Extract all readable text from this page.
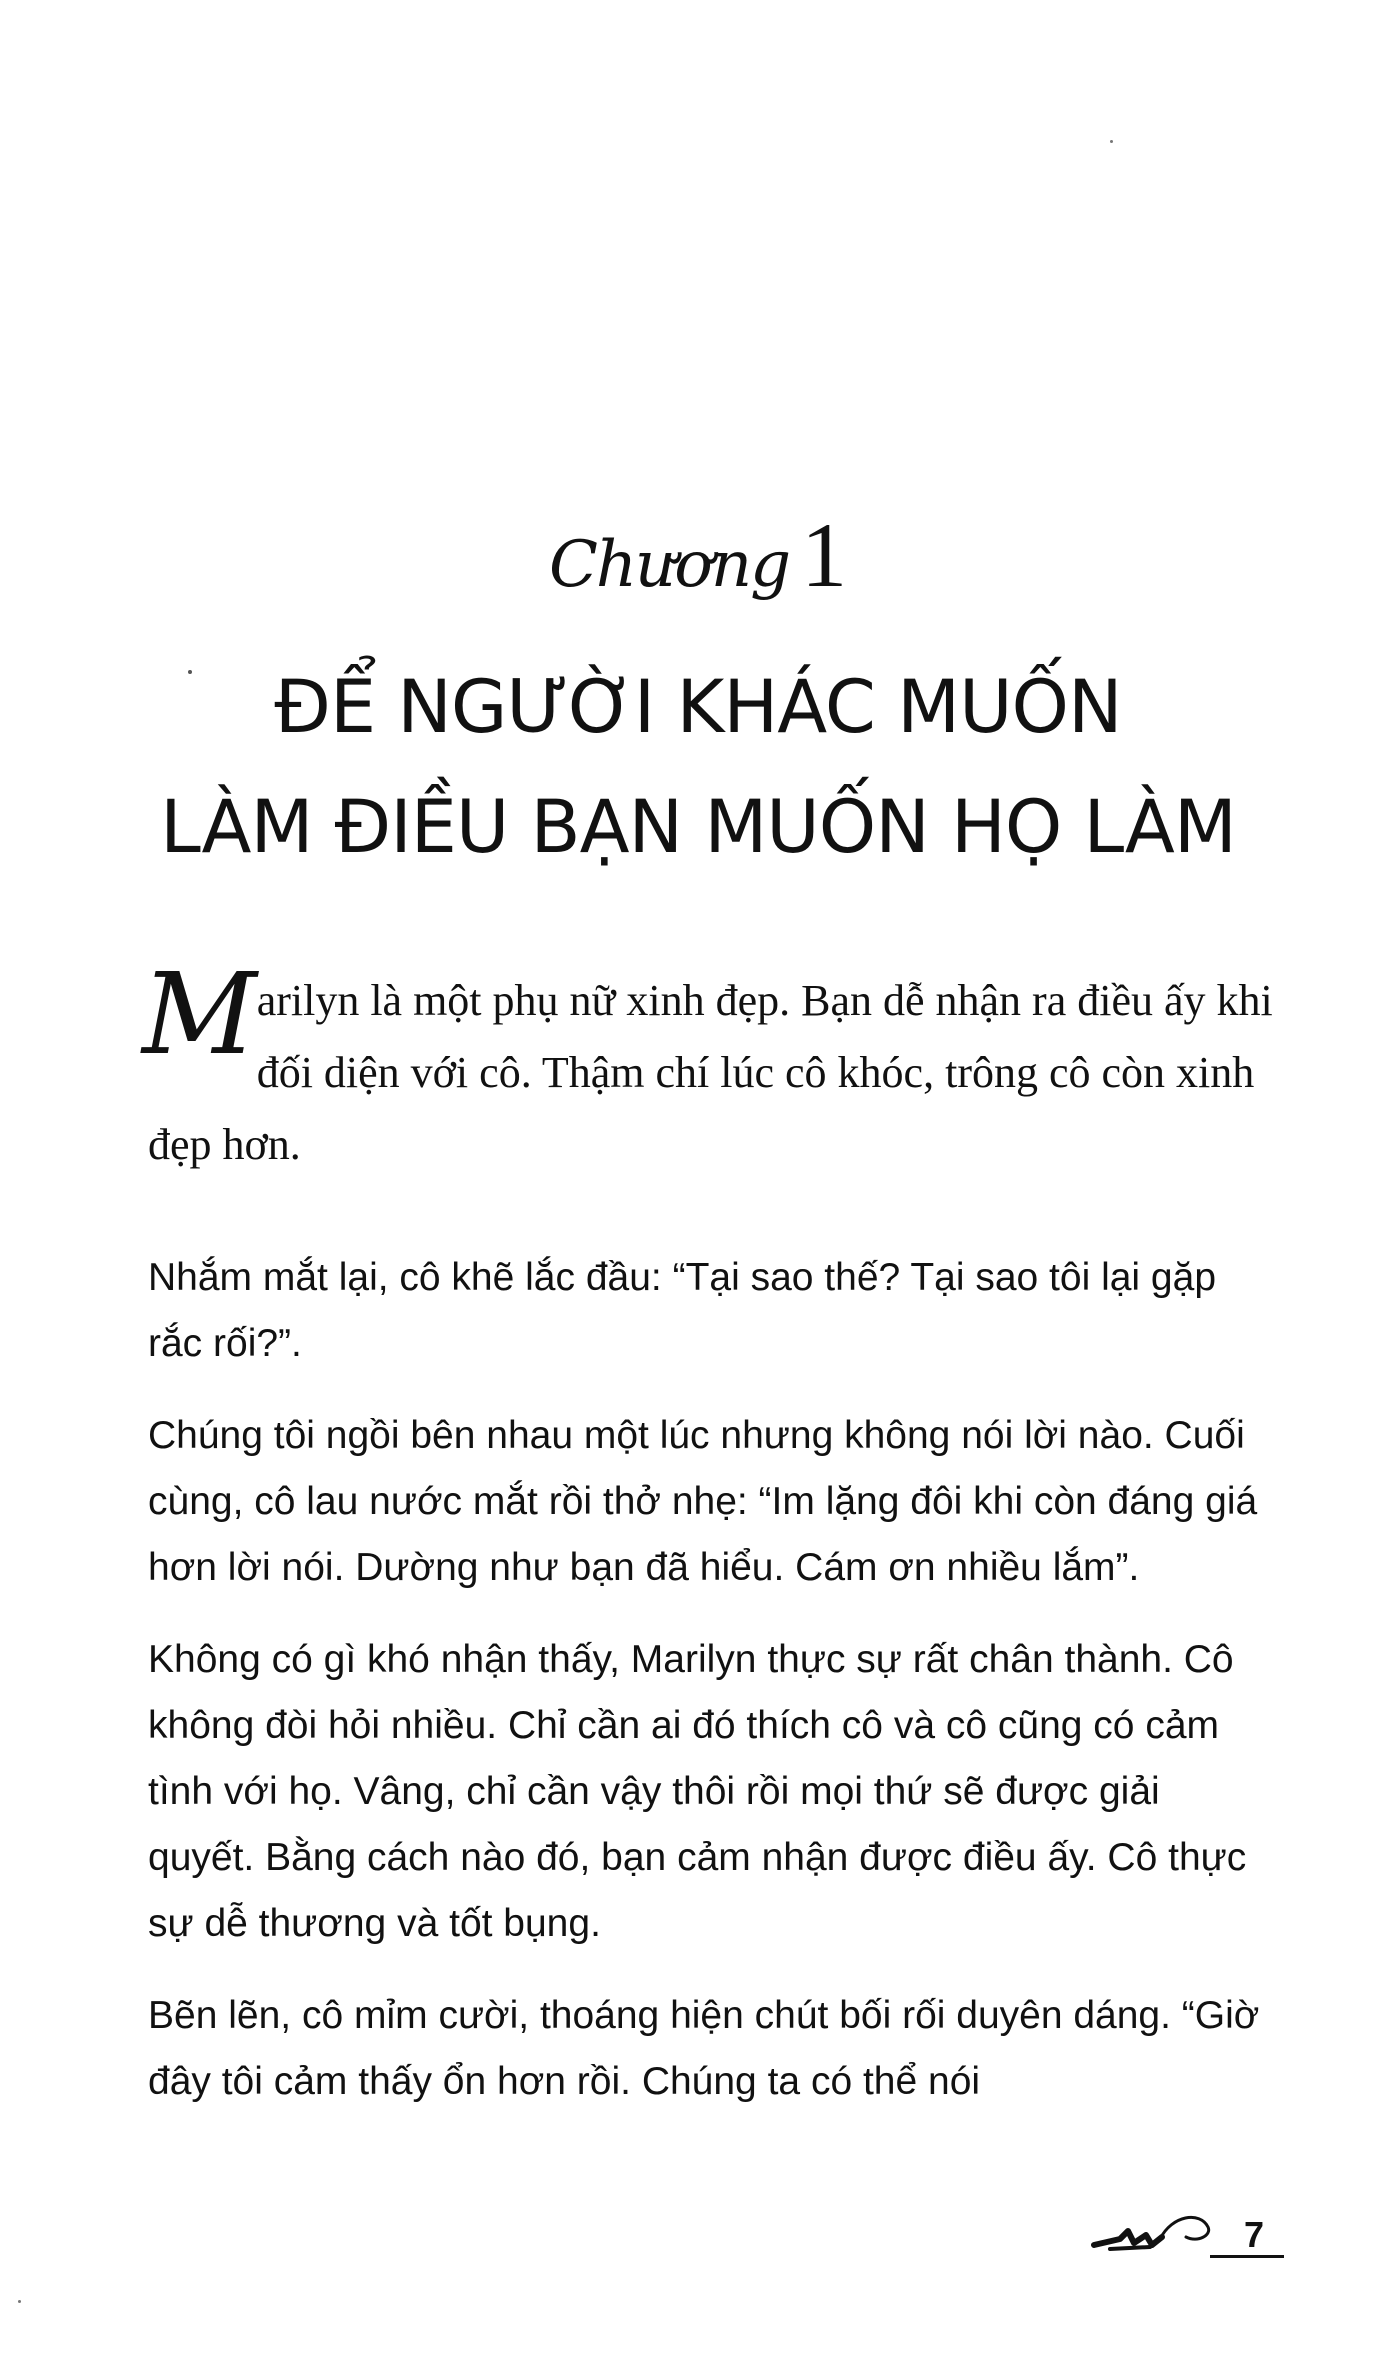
Chương 1
ĐỂ NGƯỜI KHÁC MUỐN
LÀM ĐIỀU BẠN MUỐN HỌ LÀM
Marilyn là một phụ nữ xinh đẹp. Bạn dễ nhận ra điều ấy khi đối diện với cô. Thậm chí lúc cô khóc, trông cô còn xinh đẹp hơn.

Nhắm mắt lại, cô khẽ lắc đầu: “Tại sao thế? Tại sao tôi lại gặp rắc rối?”.

Chúng tôi ngồi bên nhau một lúc nhưng không nói lời nào. Cuối cùng, cô lau nước mắt rồi thở nhẹ: “Im lặng đôi khi còn đáng giá hơn lời nói. Dường như bạn đã hiểu. Cám ơn nhiều lắm”.

Không có gì khó nhận thấy, Marilyn thực sự rất chân thành. Cô không đòi hỏi nhiều. Chỉ cần ai đó thích cô và cô cũng có cảm tình với họ. Vâng, chỉ cần vậy thôi rồi mọi thứ sẽ được giải quyết. Bằng cách nào đó, bạn cảm nhận được điều ấy. Cô thực sự dễ thương và tốt bụng.

Bẽn lẽn, cô mỉm cười, thoáng hiện chút bối rối duyên dáng. “Giờ đây tôi cảm thấy ổn hơn rồi. Chúng ta có thể nói

7
